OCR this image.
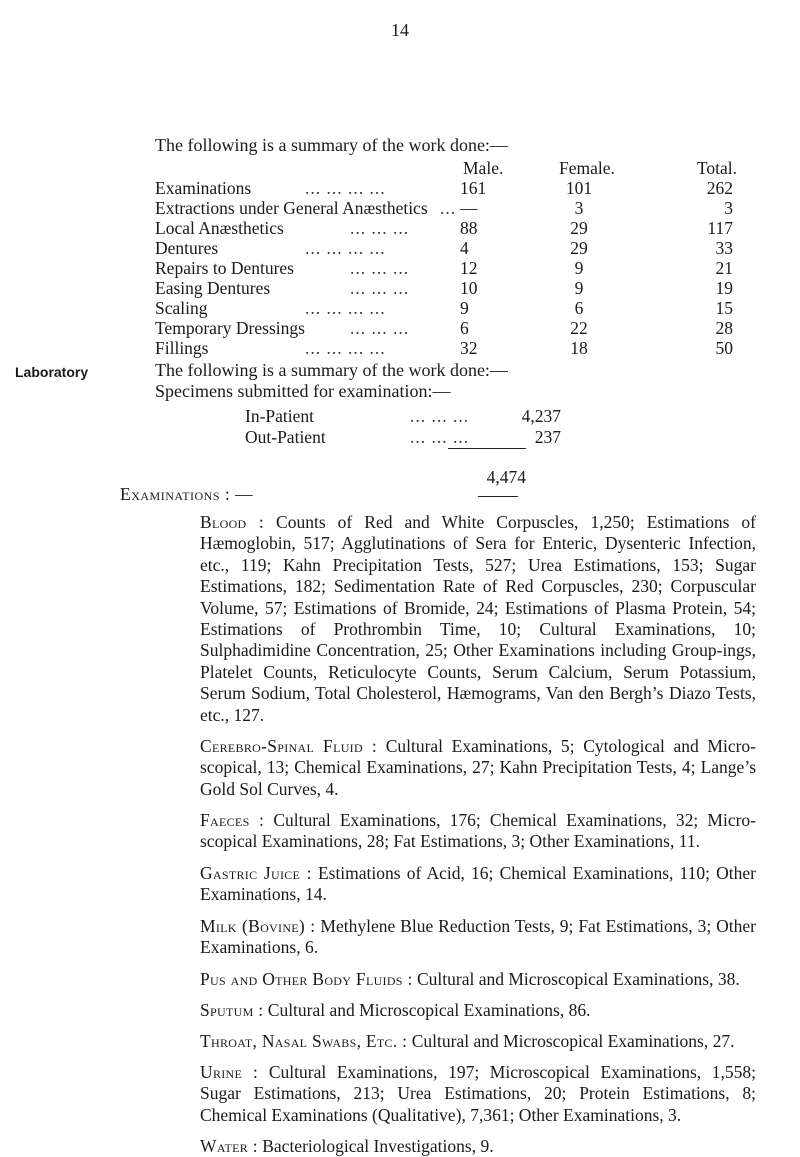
14
The following is a summary of the work done:—
Male.	Female.	Total.
Examinations	... ... ... ...	161	101	262
Extractions under General Anæsthetics ... —	3	3
Local Anæsthetics	... ... ...	88	29	117
Dentures	... ... ... ...	4	29	33
Repairs to Dentures	... ... ...	12	9	21
Easing Dentures	... ... ...	10	9	19
Scaling	... ... ... ...	9	6	15
Temporary Dressings	... ... ...	6	22	28
Fillings	... ... ... ...	32	18	50
Laboratory	The following is a summary of the work done:—
Specimens submitted for examination:—
In-Patient	... ... ...	4,237
Out-Patient	... ... ...	237
4,474
Examinations : —
Blood : Counts of Red and White Corpuscles, 1,250; Estimations of Hæmoglobin, 517; Agglutinations of Sera for Enteric, Dysenteric Infection, etc., 119; Kahn Precipitation Tests, 527; Urea Estimations, 153; Sugar Estimations, 182; Sedimentation Rate of Red Corpuscles, 230; Corpuscular Volume, 57; Estimations of Bromide, 24; Estimations of Plasma Protein, 54; Estimations of Prothrombin Time, 10; Cultural Examinations, 10; Sulphadimidine Concentration, 25; Other Examinations including Group-ings, Platelet Counts, Reticulocyte Counts, Serum Calcium, Serum Potassium, Serum Sodium, Total Cholesterol, Hæmograms, Van den Bergh’s Diazo Tests, etc., 127.
Cerebro-Spinal Fluid : Cultural Examinations, 5; Cytological and Micro-scopical, 13; Chemical Examinations, 27; Kahn Precipitation Tests, 4; Lange’s Gold Sol Curves, 4.
Faeces : Cultural Examinations, 176; Chemical Examinations, 32; Micro-scopical Examinations, 28; Fat Estimations, 3; Other Examinations, 11.
Gastric Juice : Estimations of Acid, 16; Chemical Examinations, 110; Other Examinations, 14.
Milk (Bovine) : Methylene Blue Reduction Tests, 9; Fat Estimations, 3; Other Examinations, 6.
Pus and Other Body Fluids : Cultural and Microscopical Examinations, 38.
Sputum : Cultural and Microscopical Examinations, 86.
Throat, Nasal Swabs, Etc. : Cultural and Microscopical Examinations, 27.
Urine : Cultural Examinations, 197; Microscopical Examinations, 1,558; Sugar Estimations, 213; Urea Estimations, 20; Protein Estimations, 8; Chemical Examinations (Qualitative), 7,361; Other Examinations, 3.
Water : Bacteriological Investigations, 9.
